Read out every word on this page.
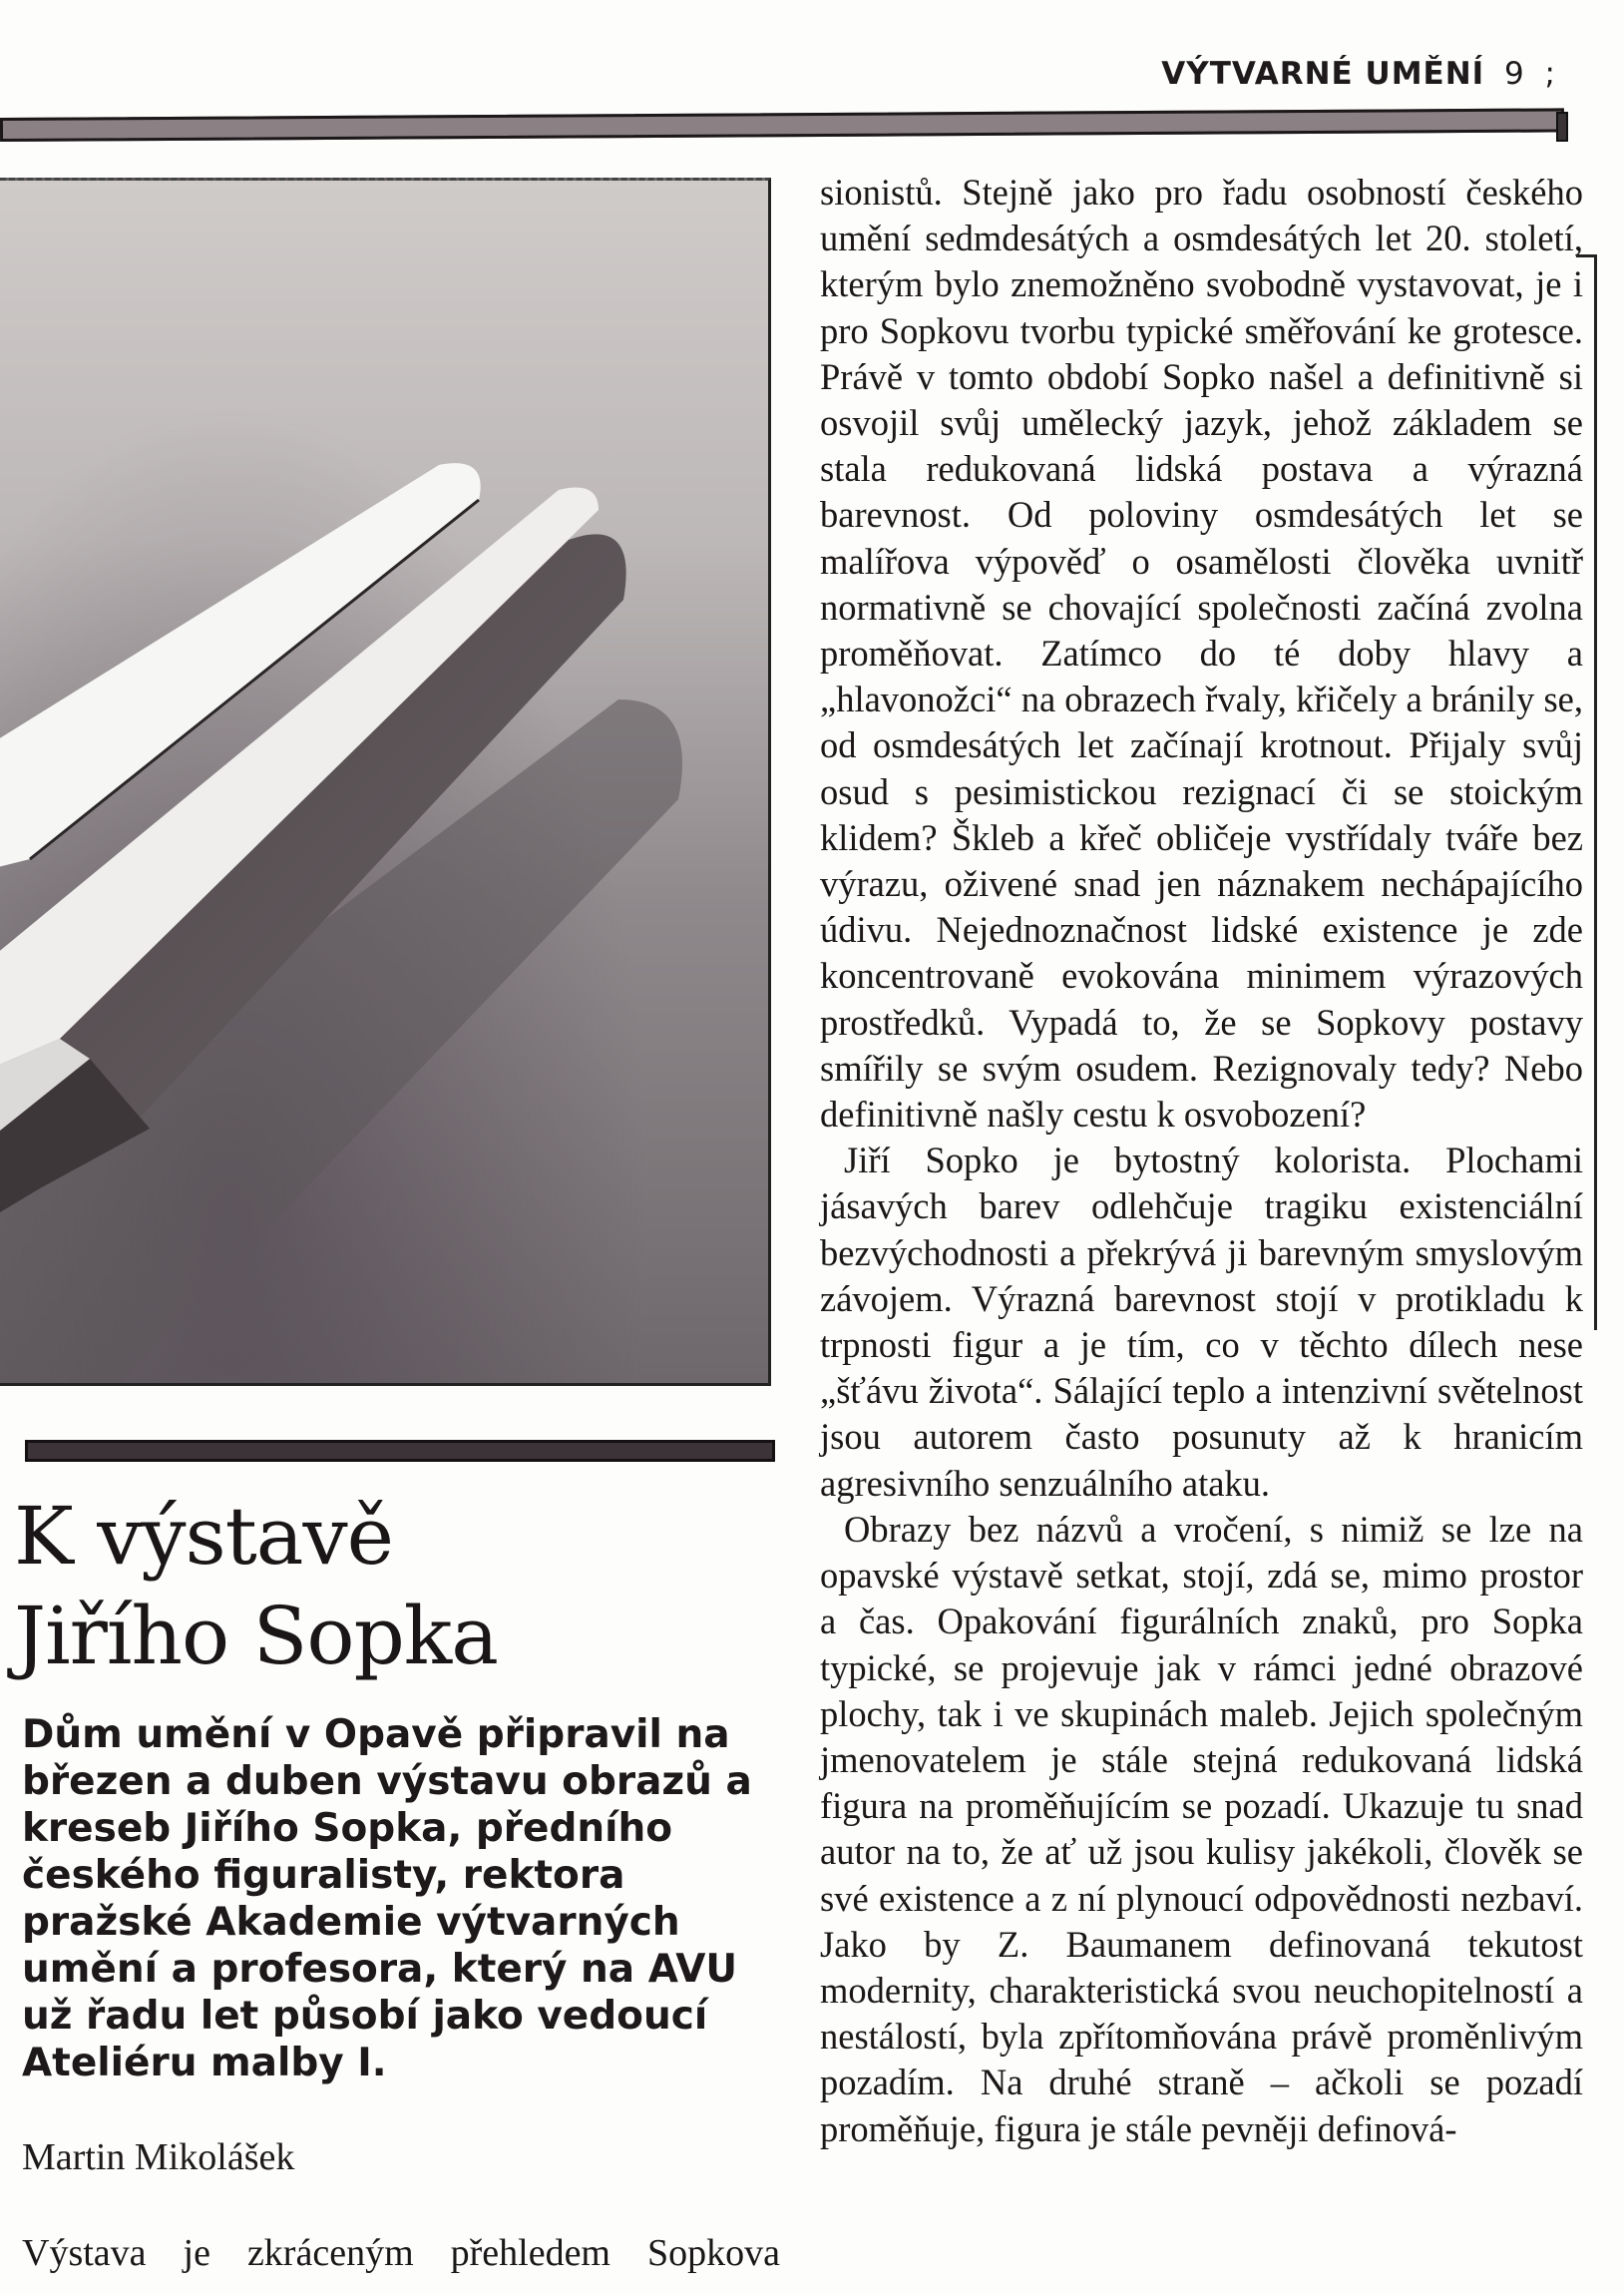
VÝTVARNÉ UMĚNÍ 9 ;
K výstavě
Jiřího Sopka

Dům umění v Opavě připravil na březen a duben výstavu obrazů a kreseb Jiřího Sopka, předního českého figuralisty, rektora pražské Akademie výtvarných umění a profesora, který na AVU už řadu let působí jako vedoucí Ateliéru malby I.

Martin Mikolášek

Výstava je zkráceným přehledem Sopkova

sionistů. Stejně jako pro řadu osobností českého umění sedmdesátých a osmdesátých let 20. století, kterým bylo znemožněno svobodně vystavovat, je i pro Sopkovu tvorbu typické směřování ke grotesce. Právě v tomto období Sopko našel a definitivně si osvojil svůj umělecký jazyk, jehož základem se stala redukovaná lidská postava a výrazná barevnost. Od poloviny osmdesátých let se malířova výpověď o osamělosti člověka uvnitř normativně se chovající společnosti začíná zvolna proměňovat. Zatímco do té doby hlavy a „hlavonožci“ na obrazech řvaly, křičely a bránily se, od osmdesátých let začínají krotnout. Přijaly svůj osud s pesimistickou rezignací či se stoickým klidem? Škleb a křeč obličeje vystřídaly tváře bez výrazu, oživené snad jen náznakem nechápajícího údivu. Nejednoznačnost lidské existence je zde koncentrovaně evokována minimem výrazových prostředků. Vypadá to, že se Sopkovy postavy smířily se svým osudem. Rezignovaly tedy? Nebo definitivně našly cestu k osvobození?

Jiří Sopko je bytostný kolorista. Plochami jásavých barev odlehčuje tragiku existenciální bezvýchodnosti a překrývá ji barevným smyslovým závojem. Výrazná barevnost stojí v protikladu k trpnosti figur a je tím, co v těchto dílech nese „šťávu života“. Sálající teplo a intenzivní světelnost jsou autorem často posunuty až k hranicím agresivního senzuálního ataku.

Obrazy bez názvů a vročení, s nimiž se lze na opavské výstavě setkat, stojí, zdá se, mimo prostor a čas. Opakování figurálních znaků, pro Sopka typické, se projevuje jak v rámci jedné obrazové plochy, tak i ve skupinách maleb. Jejich společným jmenovatelem je stále stejná redukovaná lidská figura na proměňujícím se pozadí. Ukazuje tu snad autor na to, že ať už jsou kulisy jakékoli, člověk se své existence a z ní plynoucí odpovědnosti nezbaví. Jako by Z. Baumanem definovaná tekutost modernity, charakteristická svou neuchopitelností a nestálostí, byla zpřítomňována právě proměnlivým pozadím. Na druhé straně – ačkoli se pozadí proměňuje, figura je stále pevněji definová-
